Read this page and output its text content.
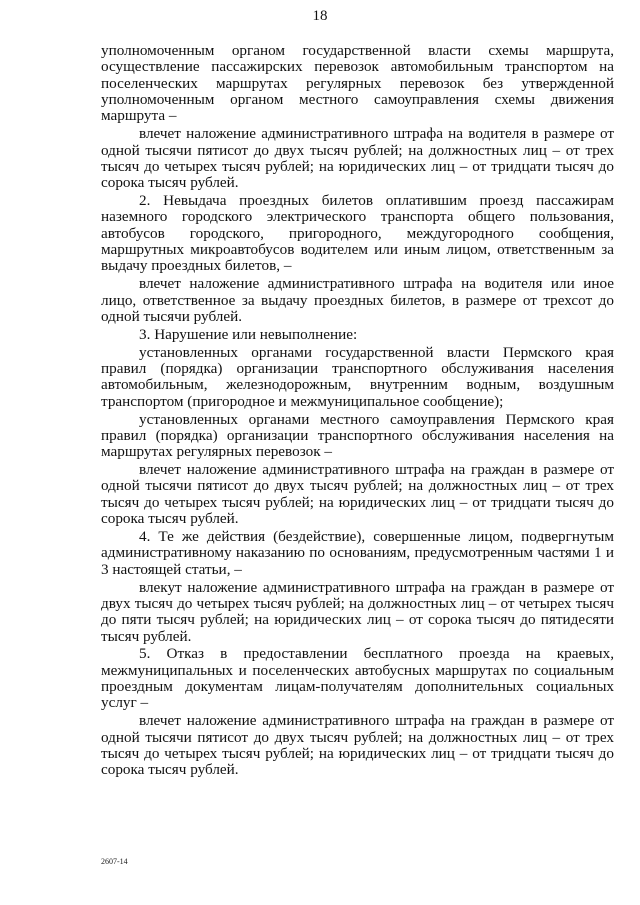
18

уполномоченным органом государственной власти схемы маршрута, осуществление пассажирских перевозок автомобильным транспортом на поселенческих маршрутах регулярных перевозок без утвержденной уполномоченным органом местного самоуправления схемы движения маршрута –

влечет наложение административного штрафа на водителя в размере от одной тысячи пятисот до двух тысяч рублей; на должностных лиц – от трех тысяч до четырех тысяч рублей; на юридических лиц – от тридцати тысяч до сорока тысяч рублей.

2. Невыдача проездных билетов оплатившим проезд пассажирам наземного городского электрического транспорта общего пользования, автобусов городского, пригородного, междугородного сообщения, маршрутных микроавтобусов водителем или иным лицом, ответственным за выдачу проездных билетов, –

влечет наложение административного штрафа на водителя или иное лицо, ответственное за выдачу проездных билетов, в размере от трехсот до одной тысячи рублей.

3. Нарушение или невыполнение:

установленных органами государственной власти Пермского края правил (порядка) организации транспортного обслуживания населения автомобильным, железнодорожным, внутренним водным, воздушным транспортом (пригородное и межмуниципальное сообщение);

установленных органами местного самоуправления Пермского края правил (порядка) организации транспортного обслуживания населения на маршрутах регулярных перевозок –

влечет наложение административного штрафа на граждан в размере от одной тысячи пятисот до двух тысяч рублей; на должностных лиц – от трех тысяч до четырех тысяч рублей; на юридических лиц – от тридцати тысяч до сорока тысяч рублей.

4. Те же действия (бездействие), совершенные лицом, подвергнутым административному наказанию по основаниям, предусмотренным частями 1 и 3 настоящей статьи, –

влекут наложение административного штрафа на граждан в размере от двух тысяч до четырех тысяч рублей; на должностных лиц – от четырех тысяч до пяти тысяч рублей; на юридических лиц – от сорока тысяч до пятидесяти тысяч рублей.

5. Отказ в предоставлении бесплатного проезда на краевых, межмуниципальных и поселенческих автобусных маршрутах по социальным проездным документам лицам-получателям дополнительных социальных услуг –

влечет наложение административного штрафа на граждан в размере от одной тысячи пятисот до двух тысяч рублей; на должностных лиц – от трех тысяч до четырех тысяч рублей; на юридических лиц – от тридцати тысяч до сорока тысяч рублей.

2607-14
